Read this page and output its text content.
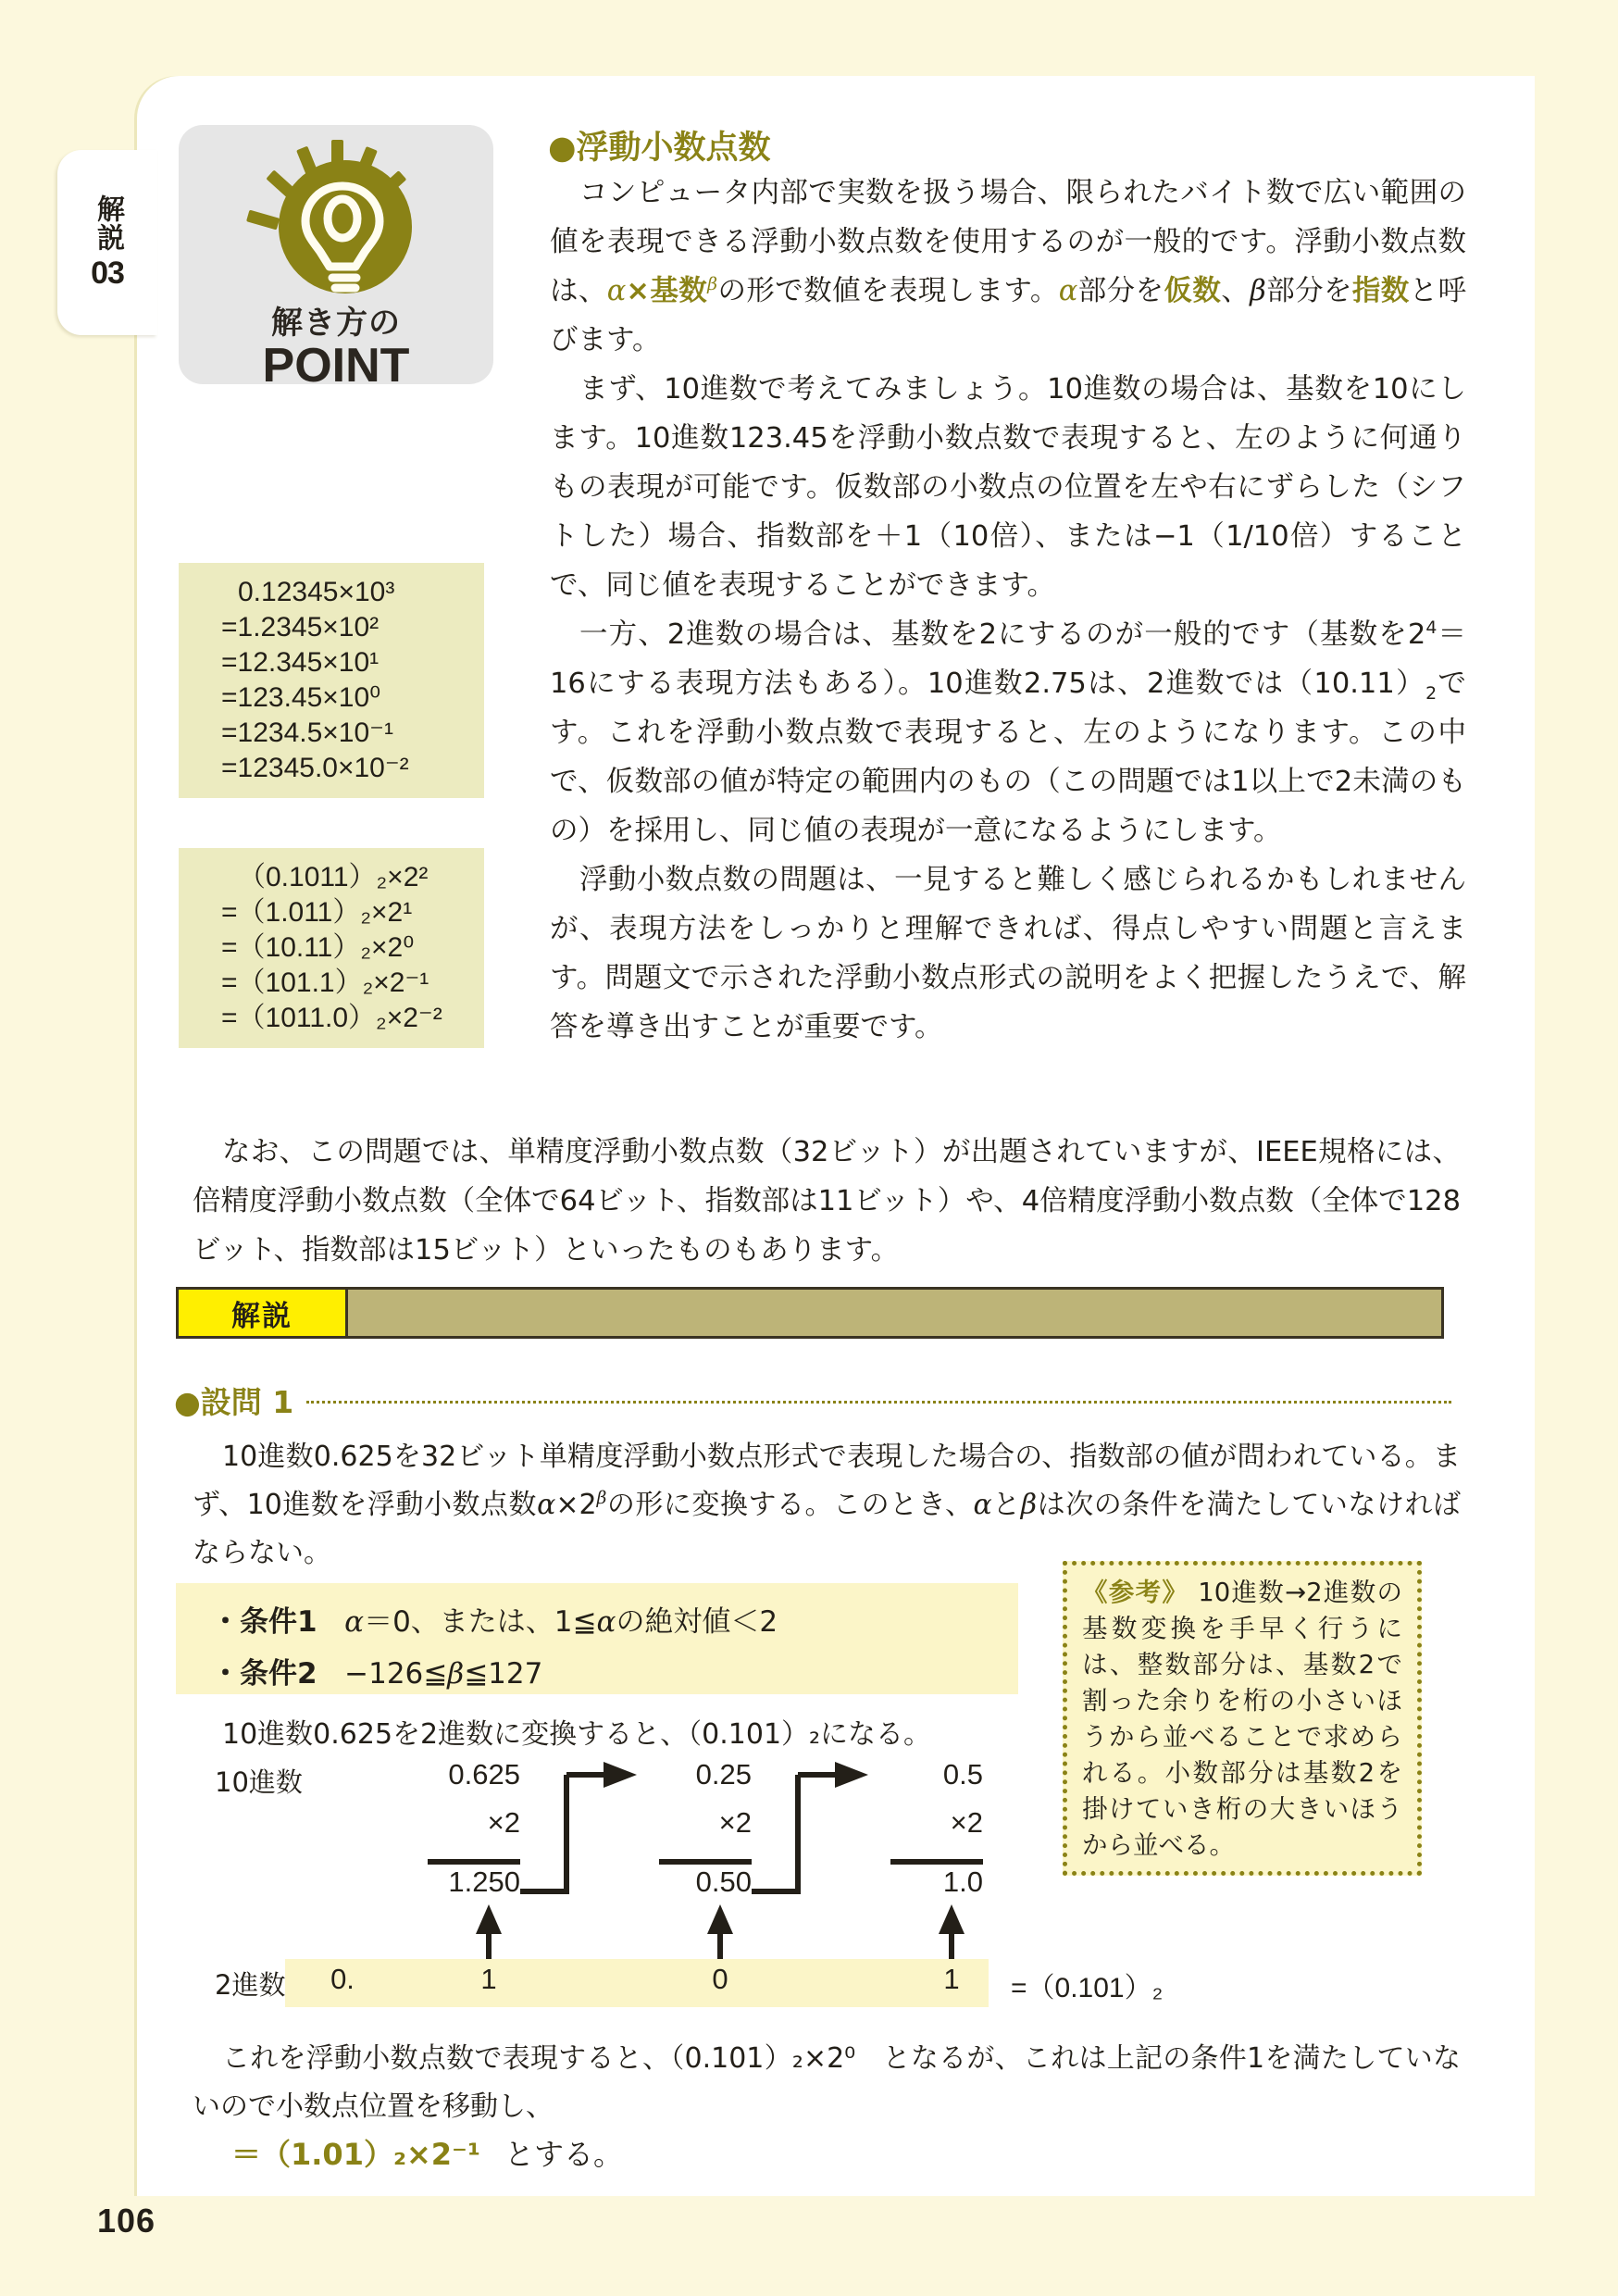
解説
03
解き方の
POINT
0.12345×10³
=1.2345×10²
=12.345×10¹
=123.45×10⁰
=1234.5×10⁻¹
=12345.0×10⁻²
（0.1011）₂×2²
=（1.011）₂×2¹
=（10.11）₂×2⁰
=（101.1）₂×2⁻¹
=（1011.0）₂×2⁻²
●浮動小数点数

コンピュータ内部で実数を扱う場合、限られたバイト数で広い範囲の値を表現できる浮動小数点数を使用するのが一般的です。浮動小数点数は、α×基数$^\beta$の形で数値を表現します。α部分を仮数、β部分を指数と呼びます。

まず、10進数で考えてみましょう。10進数の場合は、基数を10にします。10進数123.45を浮動小数点数で表現すると、左のように何通りもの表現が可能です。仮数部の小数点の位置を左や右にずらした（シフトした）場合、指数部を＋1（10倍）、または−1（1/10倍）することで、同じ値を表現することができます。

一方、2進数の場合は、基数を2にするのが一般的です（基数を$2^4=16$にする表現方法もある）。10進数2.75は、2進数では$(10.11)_2$です。これを浮動小数点数で表現すると、左のようになります。この中で、仮数部の値が特定の範囲内のもの（この問題では1以上で2未満のもの）を採用し、同じ値の表現が一意になるようにします。

浮動小数点数の問題は、一見すると難しく感じられるかもしれませんが、表現方法をしっかりと理解できれば、得点しやすい問題と言えます。問題文で示された浮動小数点形式の説明をよく把握したうえで、解答を導き出すことが重要です。

なお、この問題では、単精度浮動小数点数（32ビット）が出題されていますが、IEEE規格には、倍精度浮動小数点数（全体で64ビット、指数部は11ビット）や、4倍精度浮動小数点数（全体で128ビット、指数部は15ビット）といったものもあります。

解説
●設問 1

10進数0.625を32ビット単精度浮動小数点形式で表現した場合の、指数部の値が問われている。まず、10進数を浮動小数点数$\alpha\times 2^\beta$の形に変換する。このとき、αとβは次の条件を満たしていなければならない。

・条件1 α＝0、または、1≦αの絶対値＜2
・条件2 −126≦β≦127

10進数0.625を2進数に変換すると、（0.101）₂になる。

《参考》 10進数→2進数の基数変換を手早く行うには、整数部分は、基数2で割った余りを桁の小さいほうから並べることで求められる。小数部分は基数2を掛けていき桁の大きいほうから並べる。
10進数	0.625	0.25	0.5
×2	×2	×2
1.250	0.50	1.0
2進数	0.	1	0	1	=（0.101）₂

これを浮動小数点数で表現すると、（0.101）₂×2⁰ となるが、これは上記の条件1を満たしていないので小数点位置を移動し、

＝（1.01）₂×2⁻¹ とする。
106
